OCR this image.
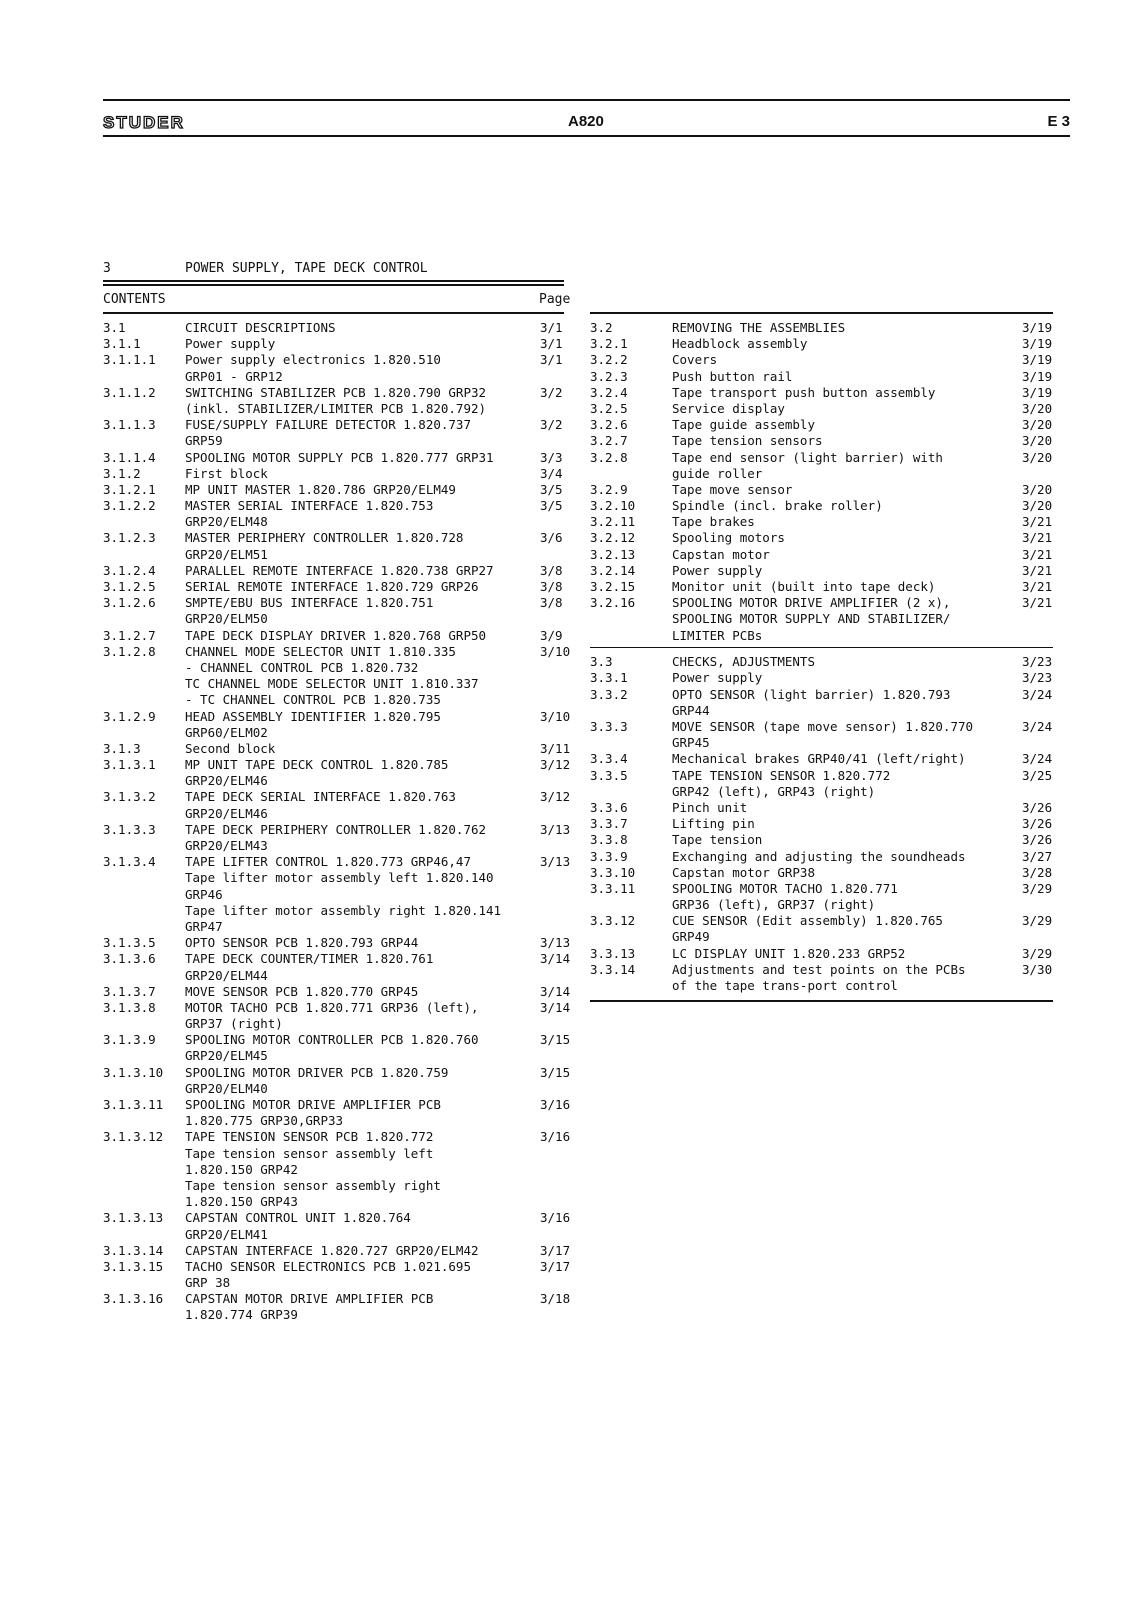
STUDER	A820	E 3
3	POWER SUPPLY, TAPE DECK CONTROL
CONTENTS	Page
3.1	CIRCUIT DESCRIPTIONS	3/1
3.1.1	Power supply	3/1
3.1.1.1 Power supply electronics 1.820.510	3/1
GRP01 - GRP12
3.1.1.2 SWITCHING STABILIZER PCB 1.820.790 GRP32	3/2
(inkl. STABILIZER/LIMITER PCB 1.820.792)
3.1.1.3 FUSE/SUPPLY FAILURE DETECTOR 1.820.737	3/2
GRP59
3.1.1.4 SPOOLING MOTOR SUPPLY PCB 1.820.777 GRP31	3/3
3.1.2	First block	3/4
3.1.2.1 MP UNIT MASTER 1.820.786 GRP20/ELM49	3/5
3.1.2.2 MASTER SERIAL INTERFACE 1.820.753	3/5
GRP20/ELM48
3.1.2.3 MASTER PERIPHERY CONTROLLER 1.820.728	3/6
GRP20/ELM51
3.1.2.4 PARALLEL REMOTE INTERFACE 1.820.738 GRP27	3/8
3.1.2.5 SERIAL REMOTE INTERFACE 1.820.729 GRP26	3/8
3.1.2.6 SMPTE/EBU BUS INTERFACE 1.820.751	3/8
GRP20/ELM50
3.1.2.7 TAPE DECK DISPLAY DRIVER 1.820.768 GRP50	3/9
3.1.2.8 CHANNEL MODE SELECTOR UNIT 1.810.335	3/10
- CHANNEL CONTROL PCB 1.820.732
TC CHANNEL MODE SELECTOR UNIT 1.810.337
- TC CHANNEL CONTROL PCB 1.820.735
3.1.2.9 HEAD ASSEMBLY IDENTIFIER 1.820.795	3/10
GRP60/ELM02
3.1.3	Second block	3/11
3.1.3.1 MP UNIT TAPE DECK CONTROL 1.820.785	3/12
GRP20/ELM46
3.1.3.2 TAPE DECK SERIAL INTERFACE 1.820.763	3/12
GRP20/ELM46
3.1.3.3 TAPE DECK PERIPHERY CONTROLLER 1.820.762	3/13
GRP20/ELM43
3.1.3.4 TAPE LIFTER CONTROL 1.820.773 GRP46,47	3/13
Tape lifter motor assembly left 1.820.140
GRP46
Tape lifter motor assembly right 1.820.141
GRP47
3.1.3.5 OPTO SENSOR PCB 1.820.793 GRP44	3/13
3.1.3.6 TAPE DECK COUNTER/TIMER 1.820.761	3/14
GRP20/ELM44
3.1.3.7 MOVE SENSOR PCB 1.820.770 GRP45	3/14
3.1.3.8 MOTOR TACHO PCB 1.820.771 GRP36 (left),	3/14
GRP37 (right)
3.1.3.9 SPOOLING MOTOR CONTROLLER PCB 1.820.760	3/15
GRP20/ELM45
3.1.3.10 SPOOLING MOTOR DRIVER PCB 1.820.759	3/15
GRP20/ELM40
3.1.3.11 SPOOLING MOTOR DRIVE AMPLIFIER PCB	3/16
1.820.775 GRP30,GRP33
3.1.3.12 TAPE TENSION SENSOR PCB 1.820.772	3/16
Tape tension sensor assembly left
1.820.150 GRP42
Tape tension sensor assembly right
1.820.150 GRP43
3.1.3.13 CAPSTAN CONTROL UNIT 1.820.764	3/16
GRP20/ELM41
3.1.3.14 CAPSTAN INTERFACE 1.820.727 GRP20/ELM42	3/17
3.1.3.15 TACHO SENSOR ELECTRONICS PCB 1.021.695	3/17
GRP 38
3.1.3.16 CAPSTAN MOTOR DRIVE AMPLIFIER PCB	3/18
1.820.774 GRP39
3.2	REMOVING THE ASSEMBLIES	3/19
3.2.1	Headblock assembly	3/19
3.2.2	Covers	3/19
3.2.3	Push button rail	3/19
3.2.4	Tape transport push button assembly	3/19
3.2.5	Service display	3/20
3.2.6	Tape guide assembly	3/20
3.2.7	Tape tension sensors	3/20
3.2.8	Tape end sensor (light barrier) with	3/20
guide roller
3.2.9	Tape move sensor	3/20
3.2.10	Spindle (incl. brake roller)	3/20
3.2.11	Tape brakes	3/21
3.2.12	Spooling motors	3/21
3.2.13	Capstan motor	3/21
3.2.14	Power supply	3/21
3.2.15	Monitor unit (built into tape deck)	3/21
3.2.16	SPOOLING MOTOR DRIVE AMPLIFIER (2 x),	3/21
SPOOLING MOTOR SUPPLY AND STABILIZER/
LIMITER PCBs
3.3	CHECKS, ADJUSTMENTS	3/23
3.3.1	Power supply	3/23
3.3.2	OPTO SENSOR (light barrier) 1.820.793	3/24
GRP44
3.3.3	MOVE SENSOR (tape move sensor) 1.820.770	3/24
GRP45
3.3.4	Mechanical brakes GRP40/41 (left/right)	3/24
3.3.5	TAPE TENSION SENSOR 1.820.772	3/25
GRP42 (left), GRP43 (right)
3.3.6	Pinch unit	3/26
3.3.7	Lifting pin	3/26
3.3.8	Tape tension	3/26
3.3.9	Exchanging and adjusting the soundheads	3/27
3.3.10	Capstan motor GRP38	3/28
3.3.11	SPOOLING MOTOR TACHO 1.820.771	3/29
GRP36 (left), GRP37 (right)
3.3.12	CUE SENSOR (Edit assembly) 1.820.765	3/29
GRP49
3.3.13	LC DISPLAY UNIT 1.820.233 GRP52	3/29
3.3.14	Adjustments and test points on the PCBs	3/30
of the tape trans-port control
